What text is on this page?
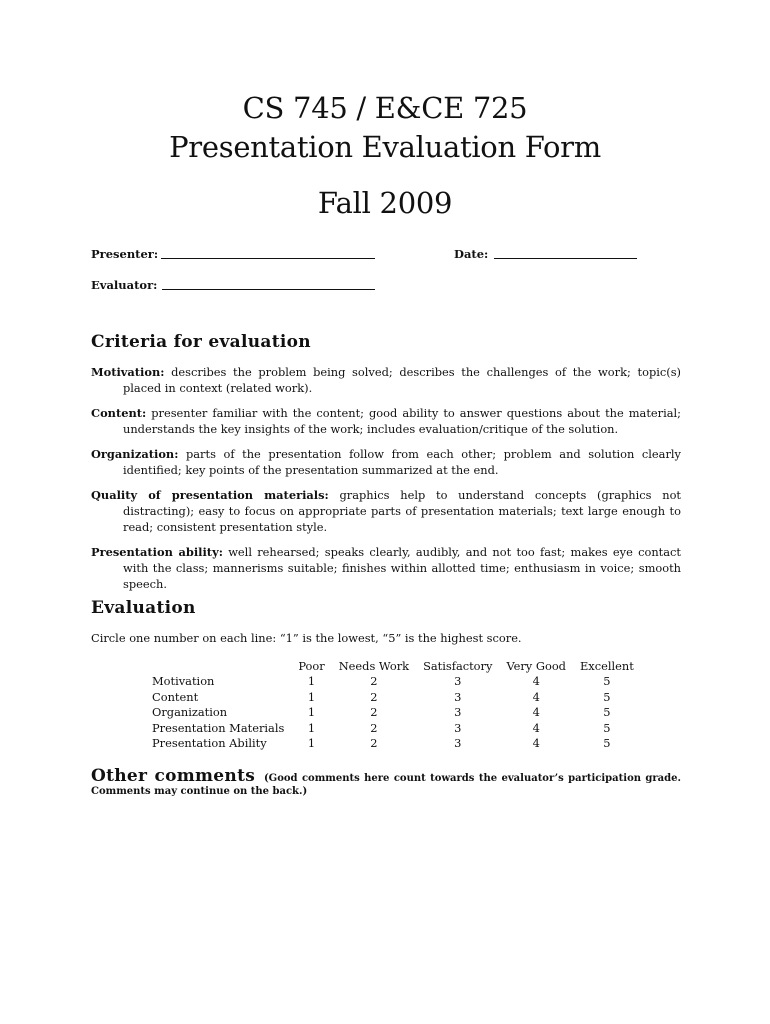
CS 745 / E&CE 725
Presentation Evaluation Form
Fall 2009
Presenter:	Date:
Evaluator:
Criteria for evaluation
Motivation: describes the problem being solved; describes the challenges of the work; topic(s) placed in context (related work).
Content: presenter familiar with the content; good ability to answer questions about the material; understands the key insights of the work; includes evaluation/critique of the solution.
Organization: parts of the presentation follow from each other; problem and solution clearly identified; key points of the presentation summarized at the end.
Quality of presentation materials: graphics help to understand concepts (graphics not distracting); easy to focus on appropriate parts of presentation materials; text large enough to read; consistent presentation style.
Presentation ability: well rehearsed; speaks clearly, audibly, and not too fast; makes eye contact with the class; mannerisms suitable; finishes within allotted time; enthusiasm in voice; smooth speech.
Evaluation
Circle one number on each line: “1” is the lowest, “5” is the highest score.
	Poor	Needs Work	Satisfactory	Very Good	Excellent
Motivation	1	2	3	4	5
Content	1	2	3	4	5
Organization	1	2	3	4	5
Presentation Materials	1	2	3	4	5
Presentation Ability	1	2	3	4	5
Other comments (Good comments here count towards the evaluator’s participation grade. Comments may continue on the back.)
